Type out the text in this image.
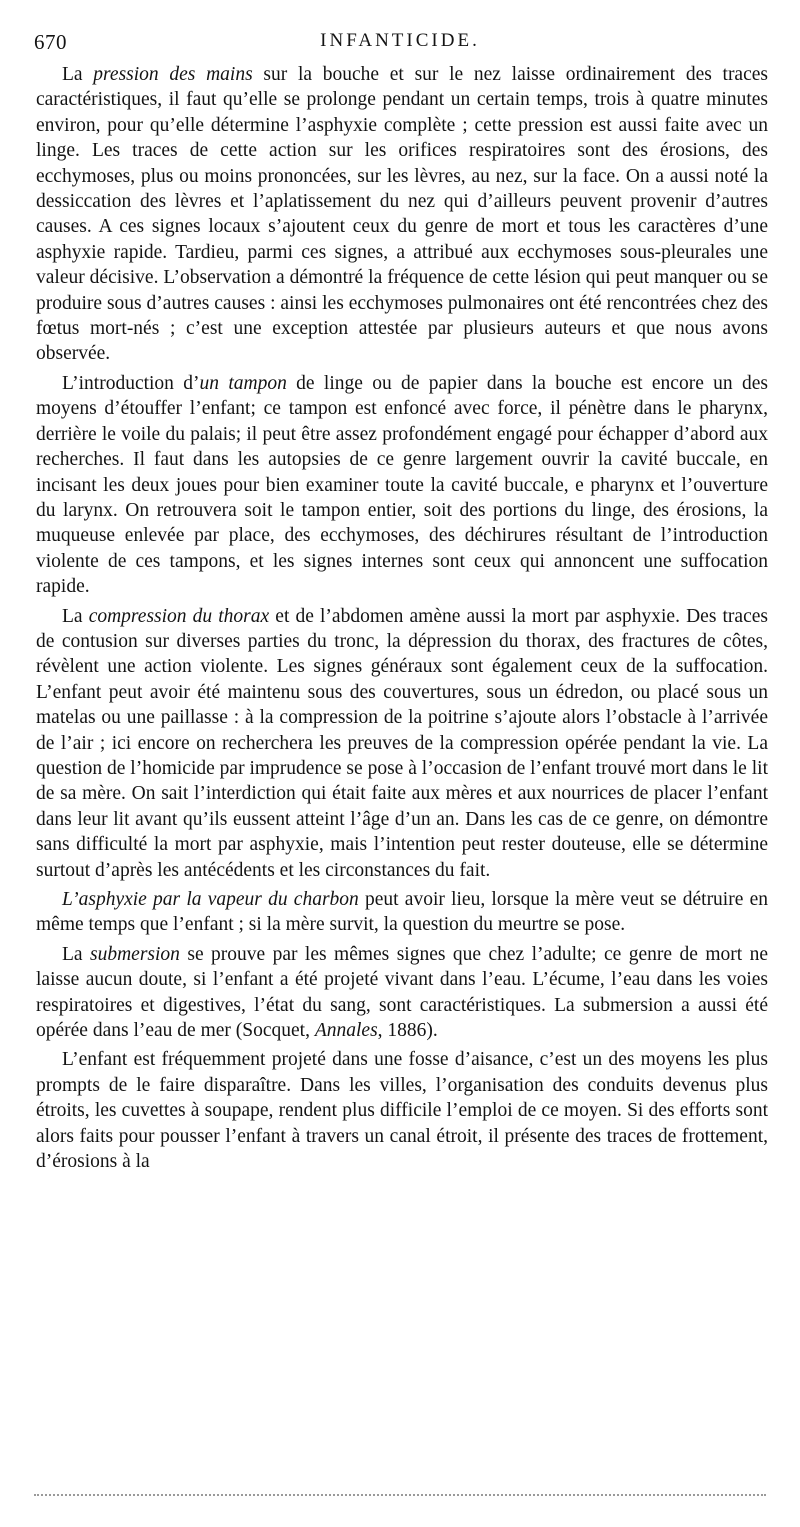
670	INFANTICIDE.

La pression des mains sur la bouche et sur le nez laisse ordinairement des traces caractéristiques, il faut qu’elle se prolonge pendant un certain temps, trois à quatre minutes environ, pour qu’elle détermine l’asphyxie complète ; cette pression est aussi faite avec un linge. Les traces de cette action sur les orifices respiratoires sont des érosions, des ecchymoses, plus ou moins prononcées, sur les lèvres, au nez, sur la face. On a aussi noté la dessiccation des lèvres et l’aplatissement du nez qui d’ailleurs peuvent provenir d’autres causes. A ces signes locaux s’ajoutent ceux du genre de mort et tous les caractères d’une asphyxie rapide. Tardieu, parmi ces signes, a attribué aux ecchymoses sous-pleurales une valeur décisive. L’observation a démontré la fréquence de cette lésion qui peut manquer ou se produire sous d’autres causes : ainsi les ecchymoses pulmonaires ont été rencontrées chez des fœtus mort-nés ; c’est une exception attestée par plusieurs auteurs et que nous avons observée.

L’introduction d’un tampon de linge ou de papier dans la bouche est encore un des moyens d’étouffer l’enfant; ce tampon est enfoncé avec force, il pénètre dans le pharynx, derrière le voile du palais; il peut être assez profondément engagé pour échapper d’abord aux recherches. Il faut dans les autopsies de ce genre largement ouvrir la cavité buccale, en incisant les deux joues pour bien examiner toute la cavité buccale, e pharynx et l’ouverture du larynx. On retrouvera soit le tampon entier, soit des portions du linge, des érosions, la muqueuse enlevée par place, des ecchymoses, des déchirures résultant de l’introduction violente de ces tampons, et les signes internes sont ceux qui annoncent une suffocation rapide.

La compression du thorax et de l’abdomen amène aussi la mort par asphyxie. Des traces de contusion sur diverses parties du tronc, la dépression du thorax, des fractures de côtes, révèlent une action violente. Les signes généraux sont également ceux de la suffocation. L’enfant peut avoir été maintenu sous des couvertures, sous un édredon, ou placé sous un matelas ou une paillasse : à la compression de la poitrine s’ajoute alors l’obstacle à l’arrivée de l’air ; ici encore on recherchera les preuves de la compression opérée pendant la vie. La question de l’homicide par imprudence se pose à l’occasion de l’enfant trouvé mort dans le lit de sa mère. On sait l’interdiction qui était faite aux mères et aux nourrices de placer l’enfant dans leur lit avant qu’ils eussent atteint l’âge d’un an. Dans les cas de ce genre, on démontre sans difficulté la mort par asphyxie, mais l’intention peut rester douteuse, elle se détermine surtout d’après les antécédents et les circonstances du fait.

L’asphyxie par la vapeur du charbon peut avoir lieu, lorsque la mère veut se détruire en même temps que l’enfant ; si la mère survit, la question du meurtre se pose.

La submersion se prouve par les mêmes signes que chez l’adulte; ce genre de mort ne laisse aucun doute, si l’enfant a été projeté vivant dans l’eau. L’écume, l’eau dans les voies respiratoires et digestives, l’état du sang, sont caractéristiques. La submersion a aussi été opérée dans l’eau de mer (Socquet, Annales, 1886).

L’enfant est fréquemment projeté dans une fosse d’aisance, c’est un des moyens les plus prompts de le faire disparaître. Dans les villes, l’organisation des conduits devenus plus étroits, les cuvettes à soupape, rendent plus difficile l’emploi de ce moyen. Si des efforts sont alors faits pour pousser l’enfant à travers un canal étroit, il présente des traces de frottement, d’érosions à la
